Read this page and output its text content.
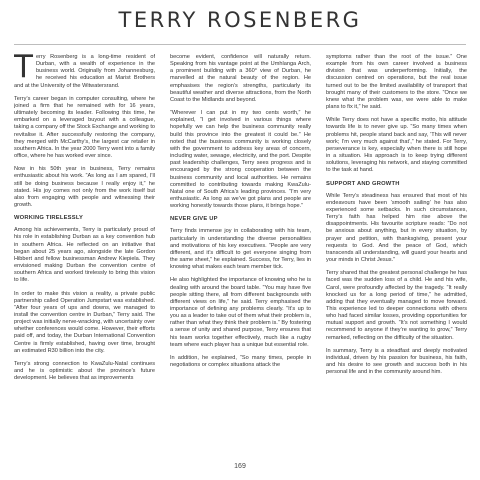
TERRY ROSENBERG

Terry Rosenberg is a long-time resident of Durban, with a wealth of experience in the business world. Originally from Johannesburg, he received his education at Marist Brothers and at the University of the Witwatersrand.

Terry’s career began in computer consulting, where he joined a firm that he remained with for 16 years, ultimately becoming its leader. Following this time, he embarked on a leveraged buyout with a colleague, taking a company off the Stock Exchange and working to revitalise it. After successfully restoring the company, they merged with McCarthy’s, the largest car retailer in southern Africa. In the year 2000 Terry went into a family office, where he has worked ever since.

Now in his 50th year in business, Terry remains enthusiastic about his work. “As long as I am spared, I’ll still be doing business because I really enjoy it,” he stated. His joy comes not only from the work itself but also from engaging with people and witnessing their growth.

WORKING TIRELESSLY

Among his achievements, Terry is particularly proud of his role in establishing Durban as a key convention hub in southern Africa. He reflected on an initiative that began about 25 years ago, alongside the late Gordon Hibbert and fellow businessman Andrew Kiepiela. They envisioned making Durban the convention centre of southern Africa and worked tirelessly to bring this vision to life.

In order to make this vision a reality, a private public partnership called Operation Jumpstart was established. “After four years of ups and downs, we managed to install the convention centre in Durban,” Terry said. The project was initially nerve-wracking, with uncertainty over whether conferences would come. However, their efforts paid off, and today, the Durban International Convention Centre is firmly established, having over time, brought an estimated R30 billion into the city.

Terry’s strong connection to KwaZulu-Natal continues and he is optimistic about the province’s future development. He believes that as improvements

become evident, confidence will naturally return. Speaking from his vantage point at the Umhlanga Arch, a prominent building with a 360° view of Durban, he marvelled at the natural beauty of the region. He emphasises the region’s strengths, particularly its beautiful weather and diverse attractions, from the North Coast to the Midlands and beyond.

“Wherever I can put in my two cents worth,” he explained, “I get involved in various things where hopefully we can help the business community really build this province into the greatest it could be.” He noted that the business community is working closely with the government to address key areas of concern, including water, sewage, electricity, and the port. Despite past leadership challenges, Terry sees progress and is encouraged by the strong cooperation between the business community and local authorities. He remains committed to contributing towards making KwaZulu-Natal one of South Africa’s leading provinces. “I’m very enthusiastic. As long as we’ve got plans and people are working honestly towards those plans, it brings hope.”

NEVER GIVE UP

Terry finds immense joy in collaborating with his team, particularly in understanding the diverse personalities and motivations of his key executives. “People are very different, and it’s difficult to get everyone singing from the same sheet,” he explained. Success, for Terry, lies in knowing what makes each team member tick.

He also highlighted the importance of knowing who he is dealing with around the board table. “You may have five people sitting there, all from different backgrounds with different views on life,” he said. Terry emphasised the importance of defining any problems clearly. “It’s up to you as a leader to take out of them what their problem is, rather than what they think their problem is.” By fostering a sense of unity and shared purpose, Terry ensures that his team works together effectively, much like a rugby team where each player has a unique but essential role.

In addition, he explained, “So many times, people in negotiations or complex situations attack the

symptoms rather than the root of the issue.” One example from his own career involved a business division that was underperforming. Initially, the discussion centred on operations, but the real issue turned out to be the limited availability of transport that brought many of their customers to the store. “Once we knew what the problem was, we were able to make plans to fix it,” he said.

While Terry does not have a specific motto, his attitude towards life is to never give up. “So many times when problems hit, people stand back and say, ‘This will never work; I’m very much against that’,” he stated. For Terry, perseverance is key, especially when there is still hope in a situation. His approach is to keep trying different solutions, leveraging his network, and staying committed to the task at hand.

SUPPORT AND GROWTH

While Terry’s steadiness has ensured that most of his endeavours have been ‘smooth sailing’ he has also experienced some setbacks. In such circumstances, Terry’s faith has helped him rise above the disappointments. His favourite scripture reads: “Do not be anxious about anything, but in every situation, by prayer and petition, with thanksgiving, present your requests to God. And the peace of God, which transcends all understanding, will guard your hearts and your minds in Christ Jesus.”

Terry shared that the greatest personal challenge he has faced was the sudden loss of a child. He and his wife, Carol, were profoundly affected by the tragedy. “It really knocked us for a long period of time,” he admitted, adding that they eventually managed to move forward. This experience led to deeper connections with others who had faced similar losses, providing opportunities for mutual support and growth. “It’s not something I would recommend to anyone if they’re wanting to grow,” Terry remarked, reflecting on the difficulty of the situation.

In summary, Terry is a steadfast and deeply motivated individual, driven by his passion for business, his faith, and his desire to see growth and success both in his personal life and in the community around him.

169
